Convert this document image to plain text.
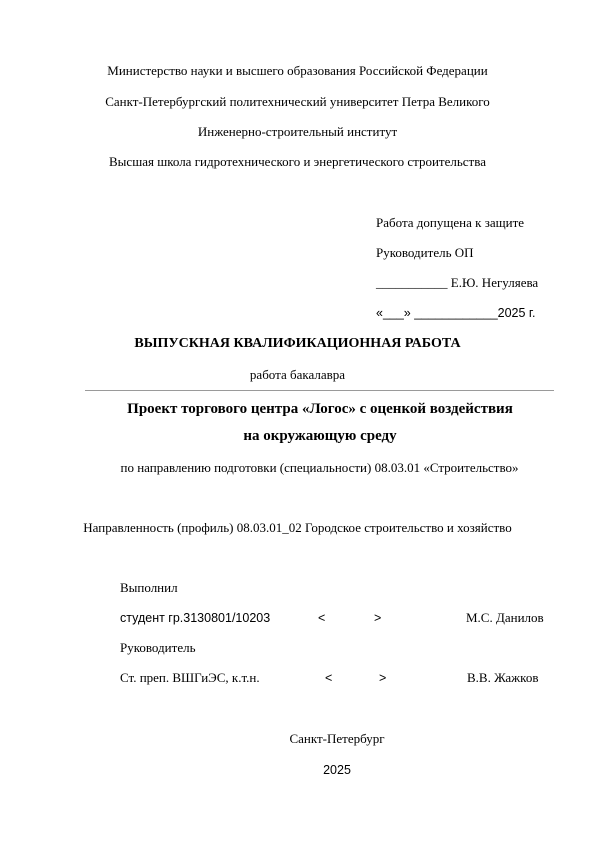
Министерство науки и высшего образования Российской Федерации
Санкт-Петербургский политехнический университет Петра Великого
Инженерно-строительный институт
Высшая школа гидротехнического и энергетического строительства
Работа допущена к защите
Руководитель ОП
___________ Е.Ю. Негуляева
«___» ____________2025 г.
ВЫПУСКНАЯ КВАЛИФИКАЦИОННАЯ РАБОТА
работа бакалавра
Проект торгового центра «Логос» с оценкой воздействия
на окружающую среду
по направлению подготовки (специальности) 08.03.01 «Строительство»
Направленность (профиль) 08.03.01_02 Городское строительство и хозяйство
Выполнил
студент гр.3130801/10203	<	>	М.С. Данилов
Руководитель
Ст. преп. ВШГиЭС, к.т.н.	<	>	В.В. Жажков
Санкт-Петербург
2025
